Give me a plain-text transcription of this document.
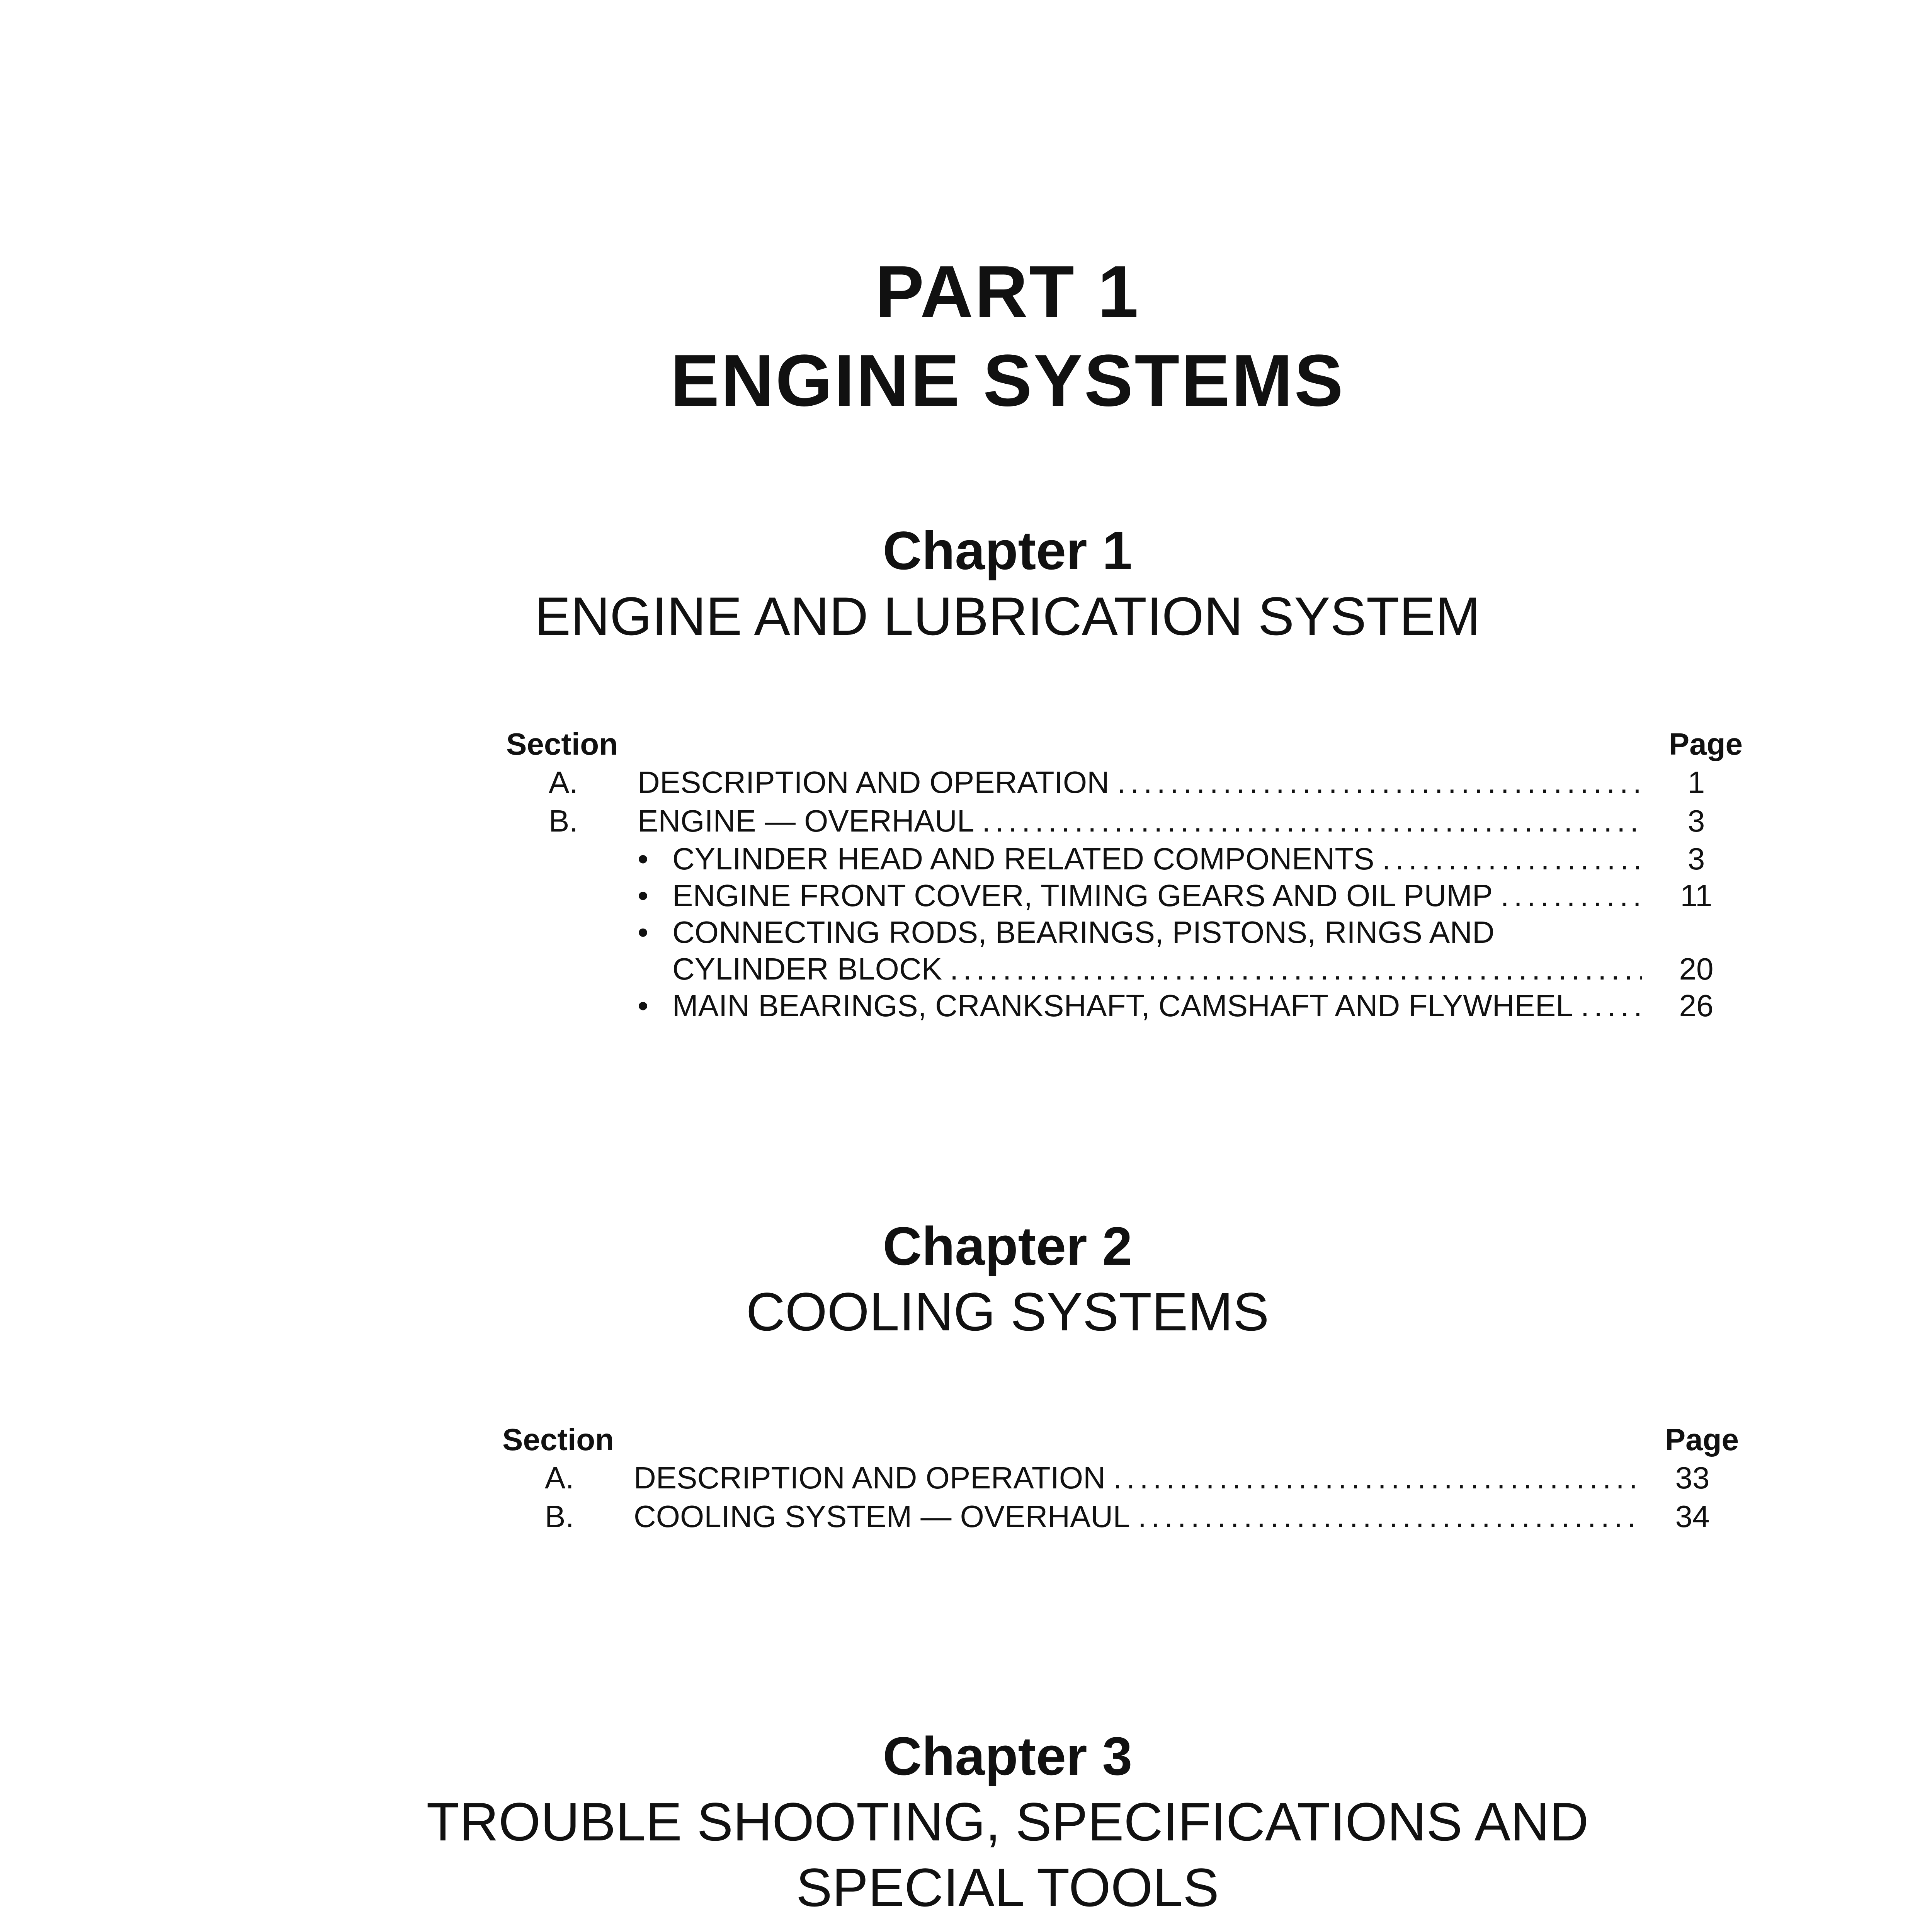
PART 1
ENGINE SYSTEMS
Chapter 1
ENGINE AND LUBRICATION SYSTEM
Section	Page
A.	DESCRIPTION AND OPERATION .....	1
B.	ENGINE — OVERHAUL .....	3
• CYLINDER HEAD AND RELATED COMPONENTS .....	3
• ENGINE FRONT COVER, TIMING GEARS AND OIL PUMP .....	11
• CONNECTING RODS, BEARINGS, PISTONS, RINGS AND
CYLINDER BLOCK .....	20
• MAIN BEARINGS, CRANKSHAFT, CAMSHAFT AND FLYWHEEL .....	26
Chapter 2
COOLING SYSTEMS
Section	Page
A.	DESCRIPTION AND OPERATION .....	33
B.	COOLING SYSTEM — OVERHAUL .....	34
Chapter 3
TROUBLE SHOOTING, SPECIFICATIONS AND
SPECIAL TOOLS
